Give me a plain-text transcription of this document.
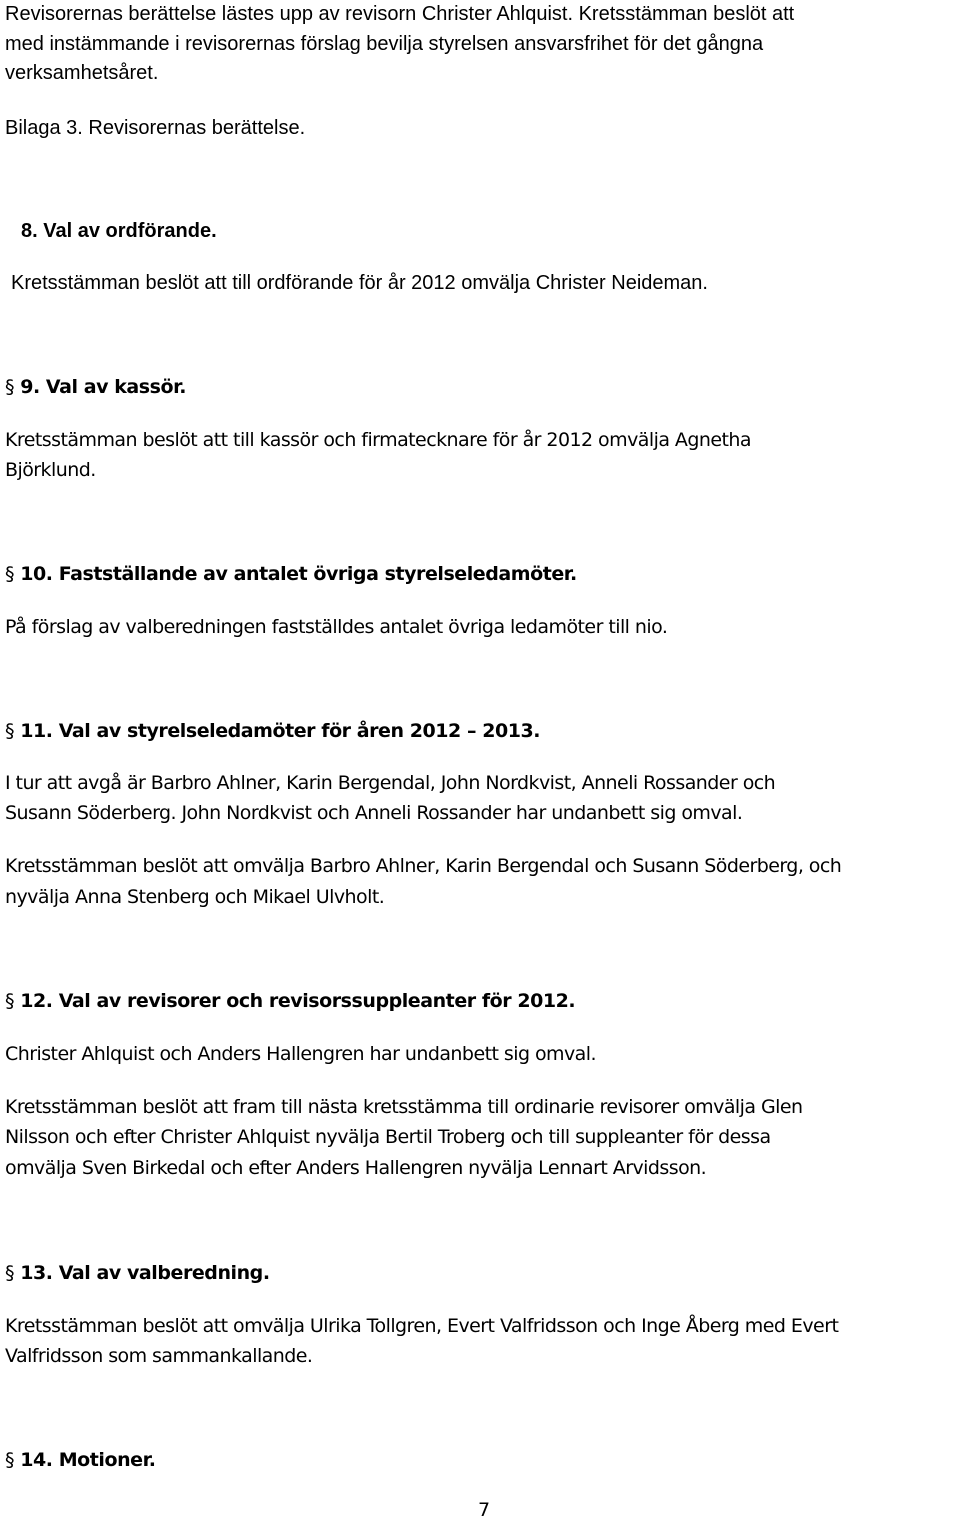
Revisorernas berättelse lästes upp av revisorn Christer Ahlquist. Kretsstämman beslöt att
med instämmande i revisorernas förslag bevilja styrelsen ansvarsfrihet för det gångna
verksamhetsåret.
Bilaga 3. Revisorernas berättelse.
8. Val av ordförande.
Kretsstämman beslöt att till ordförande för år 2012 omvälja Christer Neideman.
§ 9. Val av kassör.
Kretsstämman beslöt att till kassör och firmatecknare för år 2012 omvälja Agnetha
Björklund.
§ 10. Fastställande av antalet övriga styrelseledamöter.
På förslag av valberedningen fastställdes antalet övriga ledamöter till nio.
§ 11. Val av styrelseledamöter för åren 2012 – 2013.
I tur att avgå är Barbro Ahlner, Karin Bergendal, John Nordkvist, Anneli Rossander och
Susann Söderberg. John Nordkvist och Anneli Rossander har undanbett sig omval.
Kretsstämman beslöt att omvälja Barbro Ahlner, Karin Bergendal och Susann Söderberg, och
nyvälja Anna Stenberg och Mikael Ulvholt.
§ 12. Val av revisorer och revisorssuppleanter för 2012.
Christer Ahlquist och Anders Hallengren har undanbett sig omval.
Kretsstämman beslöt att fram till nästa kretsstämma till ordinarie revisorer omvälja Glen
Nilsson och efter Christer Ahlquist nyvälja Bertil Troberg och till suppleanter för dessa
omvälja Sven Birkedal och efter Anders Hallengren nyvälja Lennart Arvidsson.
§ 13. Val av valberedning.
Kretsstämman beslöt att omvälja Ulrika Tollgren, Evert Valfridsson och Inge Åberg med Evert
Valfridsson som sammankallande.
§ 14. Motioner.
7
